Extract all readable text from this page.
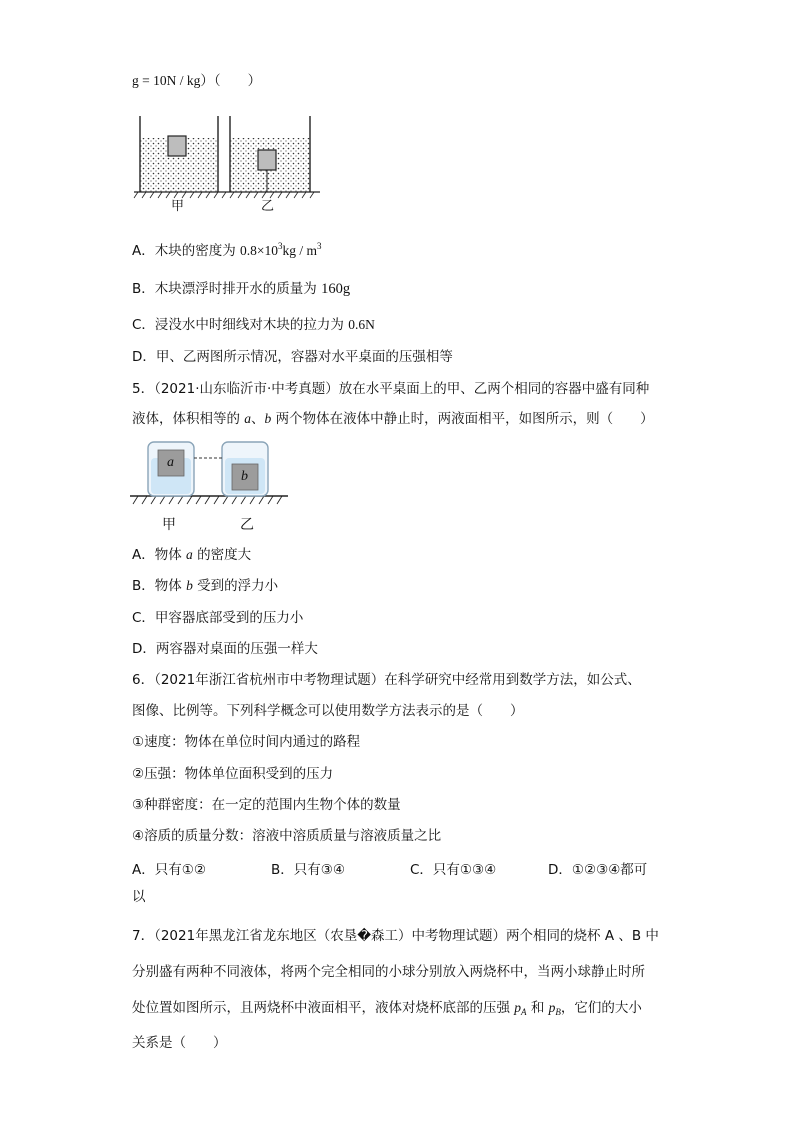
g = 10N / kg）（　　）
甲	乙
A．木块的密度为 $0.8\times 10^3kg / m^3$
B．木块漂浮时排开水的质量为 160g
C．浸没水中时细线对木块的拉力为 0.6N
D．甲、乙两图所示情况，容器对水平桌面的压强相等
5．（2021·山东临沂市·中考真题）放在水平桌面上的甲、乙两个相同的容器中盛有同种
液体，体积相等的 a、b 两个物体在液体中静止时，两液面相平，如图所示，则（　　）
a
b
甲	乙
A．物体 a 的密度大
B．物体 b 受到的浮力小
C．甲容器底部受到的压力小
D．两容器对桌面的压强一样大
6．（2021年浙江省杭州市中考物理试题）在科学研究中经常用到数学方法，如公式、
图像、比例等。下列科学概念可以使用数学方法表示的是（　　）
①速度：物体在单位时间内通过的路程
②压强：物体单位面积受到的压力
③种群密度：在一定的范围内生物个体的数量
④溶质的质量分数：溶液中溶质质量与溶液质量之比
A．只有①②	B．只有③④	C．只有①③④	D．①②③④都可
以
7．（2021年黑龙江省龙东地区（农垦�森工）中考物理试题）两个相同的烧杯 A 、B 中
分别盛有两种不同液体，将两个完全相同的小球分别放入两烧杯中，当两小球静止时所
处位置如图所示，且两烧杯中液面相平，液体对烧杯底部的压强 $p_A$ 和 $p_B$，它们的大小
关系是（　　）
